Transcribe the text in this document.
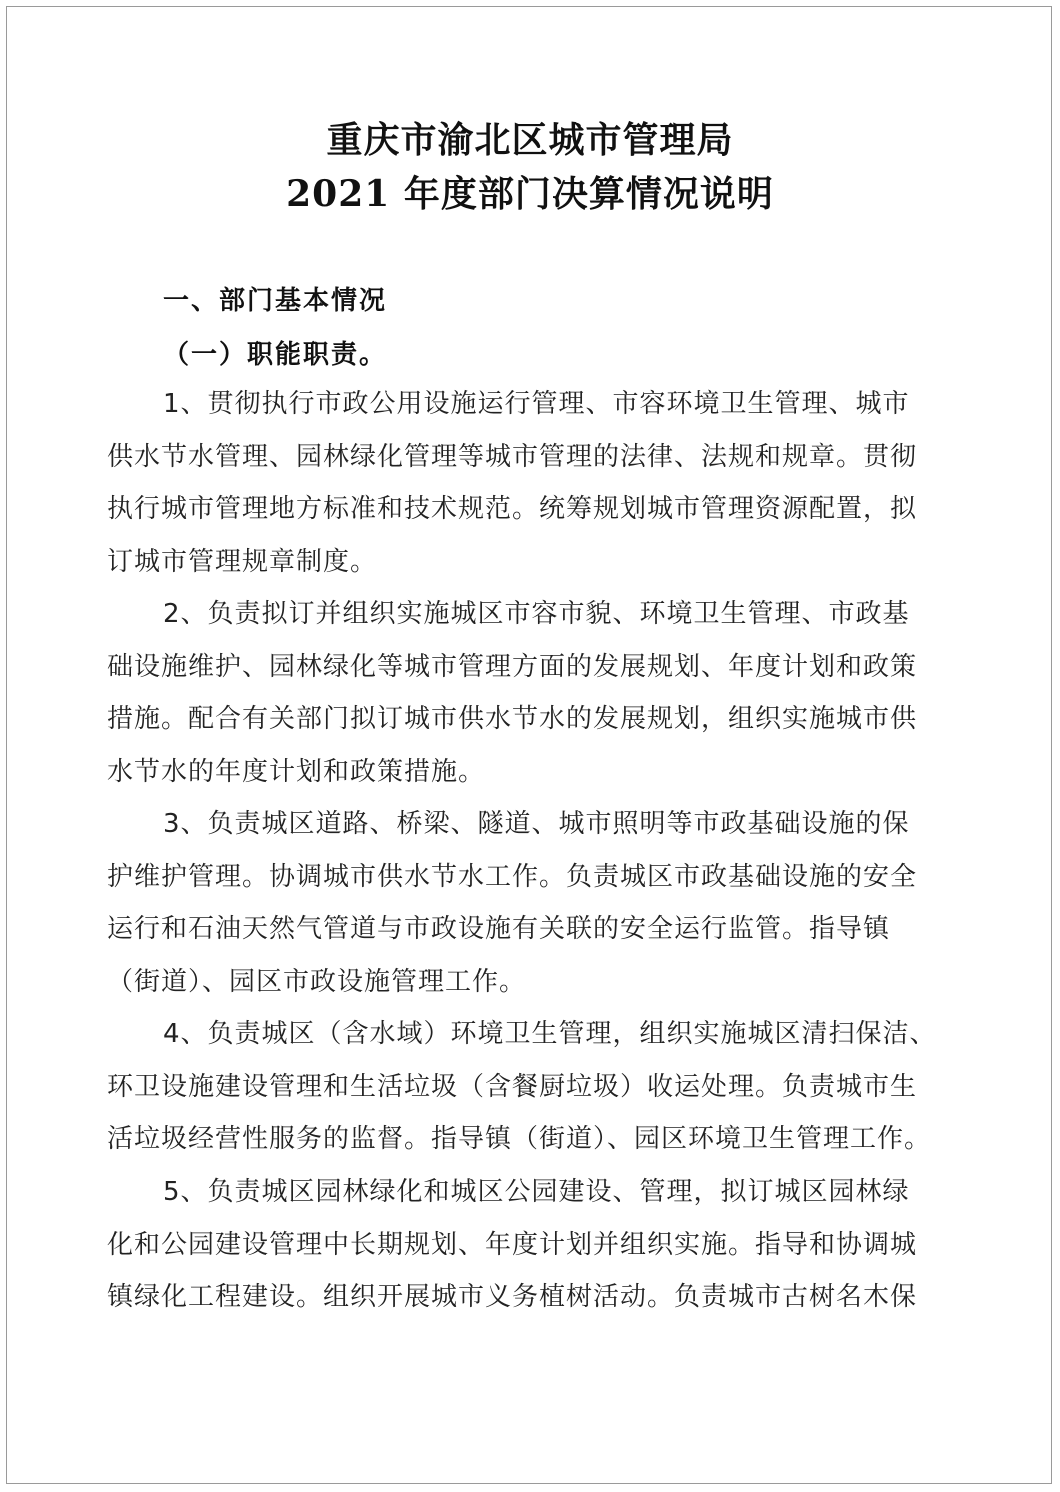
重庆市渝北区城市管理局
2021 年度部门决算情况说明
一、部门基本情况
（一）职能职责。
1、贯彻执行市政公用设施运行管理、市容环境卫生管理、城市
供水节水管理、园林绿化管理等城市管理的法律、法规和规章。贯彻
执行城市管理地方标准和技术规范。统筹规划城市管理资源配置，拟
订城市管理规章制度。
2、负责拟订并组织实施城区市容市貌、环境卫生管理、市政基
础设施维护、园林绿化等城市管理方面的发展规划、年度计划和政策
措施。配合有关部门拟订城市供水节水的发展规划，组织实施城市供
水节水的年度计划和政策措施。
3、负责城区道路、桥梁、隧道、城市照明等市政基础设施的保
护维护管理。协调城市供水节水工作。负责城区市政基础设施的安全
运行和石油天然气管道与市政设施有关联的安全运行监管。指导镇
（街道）、园区市政设施管理工作。
4、负责城区（含水域）环境卫生管理，组织实施城区清扫保洁、
环卫设施建设管理和生活垃圾（含餐厨垃圾）收运处理。负责城市生
活垃圾经营性服务的监督。指导镇（街道）、园区环境卫生管理工作。
5、负责城区园林绿化和城区公园建设、管理，拟订城区园林绿
化和公园建设管理中长期规划、年度计划并组织实施。指导和协调城
镇绿化工程建设。组织开展城市义务植树活动。负责城市古树名木保
